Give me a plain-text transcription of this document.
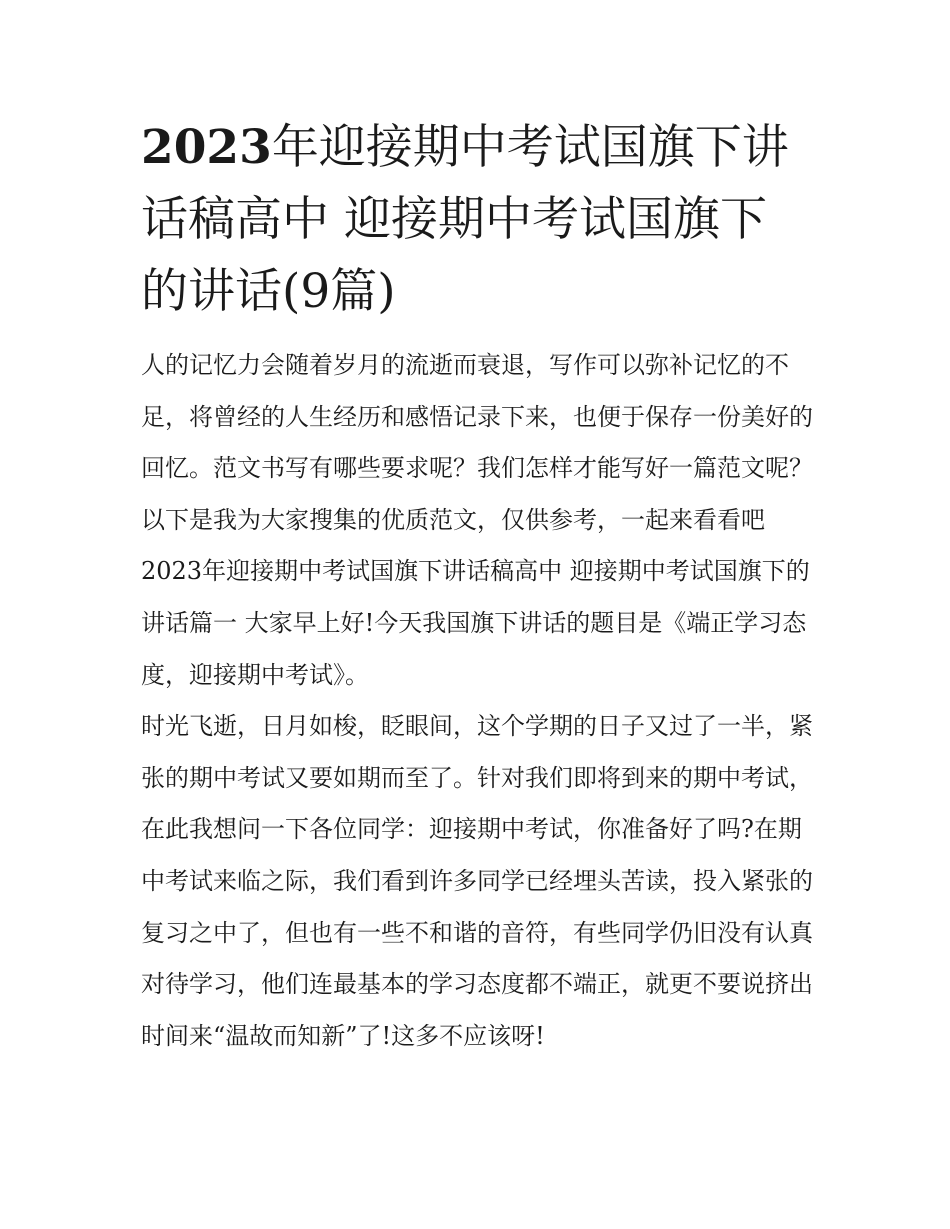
2023年迎接期中考试国旗下讲话稿高中 迎接期中考试国旗下的讲话(9篇)

人的记忆力会随着岁月的流逝而衰退，写作可以弥补记忆的不足，将曾经的人生经历和感悟记录下来，也便于保存一份美好的回忆。范文书写有哪些要求呢？我们怎样才能写好一篇范文呢？以下是我为大家搜集的优质范文，仅供参考，一起来看看吧

2023年迎接期中考试国旗下讲话稿高中 迎接期中考试国旗下的讲话篇一 大家早上好!今天我国旗下讲话的题目是《端正学习态度，迎接期中考试》。

时光飞逝，日月如梭，眨眼间，这个学期的日子又过了一半，紧张的期中考试又要如期而至了。针对我们即将到来的期中考试，在此我想问一下各位同学：迎接期中考试，你准备好了吗?在期中考试来临之际，我们看到许多同学已经埋头苦读，投入紧张的复习之中了，但也有一些不和谐的音符，有些同学仍旧没有认真对待学习，他们连最基本的学习态度都不端正，就更不要说挤出时间来“温故而知新”了!这多不应该呀!
